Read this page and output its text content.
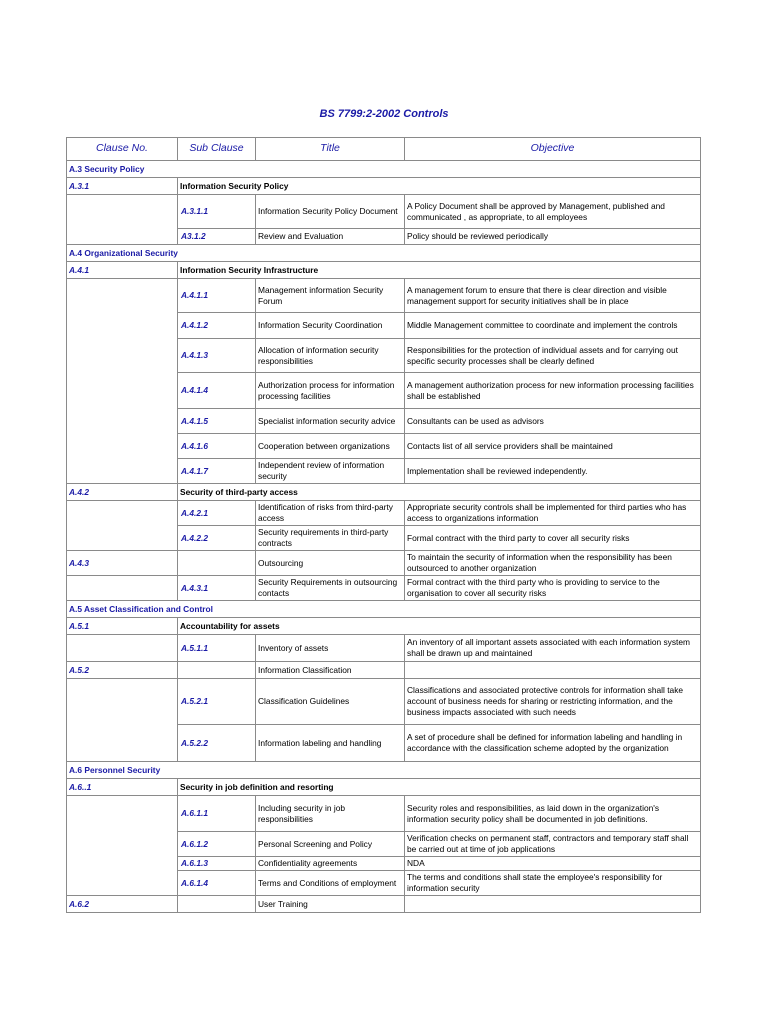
BS 7799:2-2002 Controls
Clause No.	Sub Clause	Title	Objective
A.3 Security Policy			
A.3.1	Information Security Policy		
	A.3.1.1	Information Security Policy Document	A Policy Document shall be approved by Management, published and communicated , as appropriate, to all employees
	A3.1.2	Review and Evaluation	Policy should be reviewed periodically
A.4 Organizational Security			
A.4.1	Information Security Infrastructure		
	A.4.1.1	Management information Security Forum	A management forum to ensure that there is clear direction and visible management support for security initiatives shall be in place
	A.4.1.2	Information Security Coordination	Middle Management committee to coordinate and implement the controls
	A.4.1.3	Allocation of information security responsibilities	Responsibilities for the protection of individual assets and for carrying out specific security processes shall be clearly defined
	A.4.1.4	Authorization process for information processing facilities	A management authorization process for new information processing facilities shall be established
	A.4.1.5	Specialist information security advice	Consultants can be used as advisors
	A.4.1.6	Cooperation between organizations	Contacts list of all service providers shall be maintained
	A.4.1.7	Independent review of information security	Implementation shall be reviewed independently.
A.4.2	Security of third-party access		
	A.4.2.1	Identification of risks from third-party access	Appropriate security controls shall be implemented for third parties who has access to organizations information
	A.4.2.2	Security requirements in third-party contracts	Formal contract with the third party to cover all security risks
A.4.3		Outsourcing	To maintain the security of information when the responsibility has been outsourced to another organization
	A.4.3.1	Security Requirements in outsourcing contacts	Formal contract with the third party who is providing to service to the organisation to cover all security risks
A.5 Asset Classification and Control			
A.5.1	Accountability for assets		
	A.5.1.1	Inventory of assets	An inventory of all important assets associated with each information system shall be drawn up and maintained
A.5.2		Information Classification	
	A.5.2.1	Classification Guidelines	Classifications and associated protective controls for information shall take account of business needs for sharing or restricting information, and the business impacts associated with such needs
	A.5.2.2	Information labeling and handling	A set of procedure shall be defined for information labeling and handling in accordance with the classification scheme adopted by the organization
A.6 Personnel Security			
A.6..1	Security in job definition and resorting		
	A.6.1.1	Including security in job responsibilities	Security roles and responsibilities, as laid down in the organization's information security policy shall be documented in job definitions.
	A.6.1.2	Personal Screening and Policy	Verification checks on permanent staff, contractors and temporary staff shall be carried out at time of job applications
	A.6.1.3	Confidentiality agreements	NDA
	A.6.1.4	Terms and Conditions of employment	The terms and conditions shall state the employee's responsibility for information security
A.6.2		User Training	
